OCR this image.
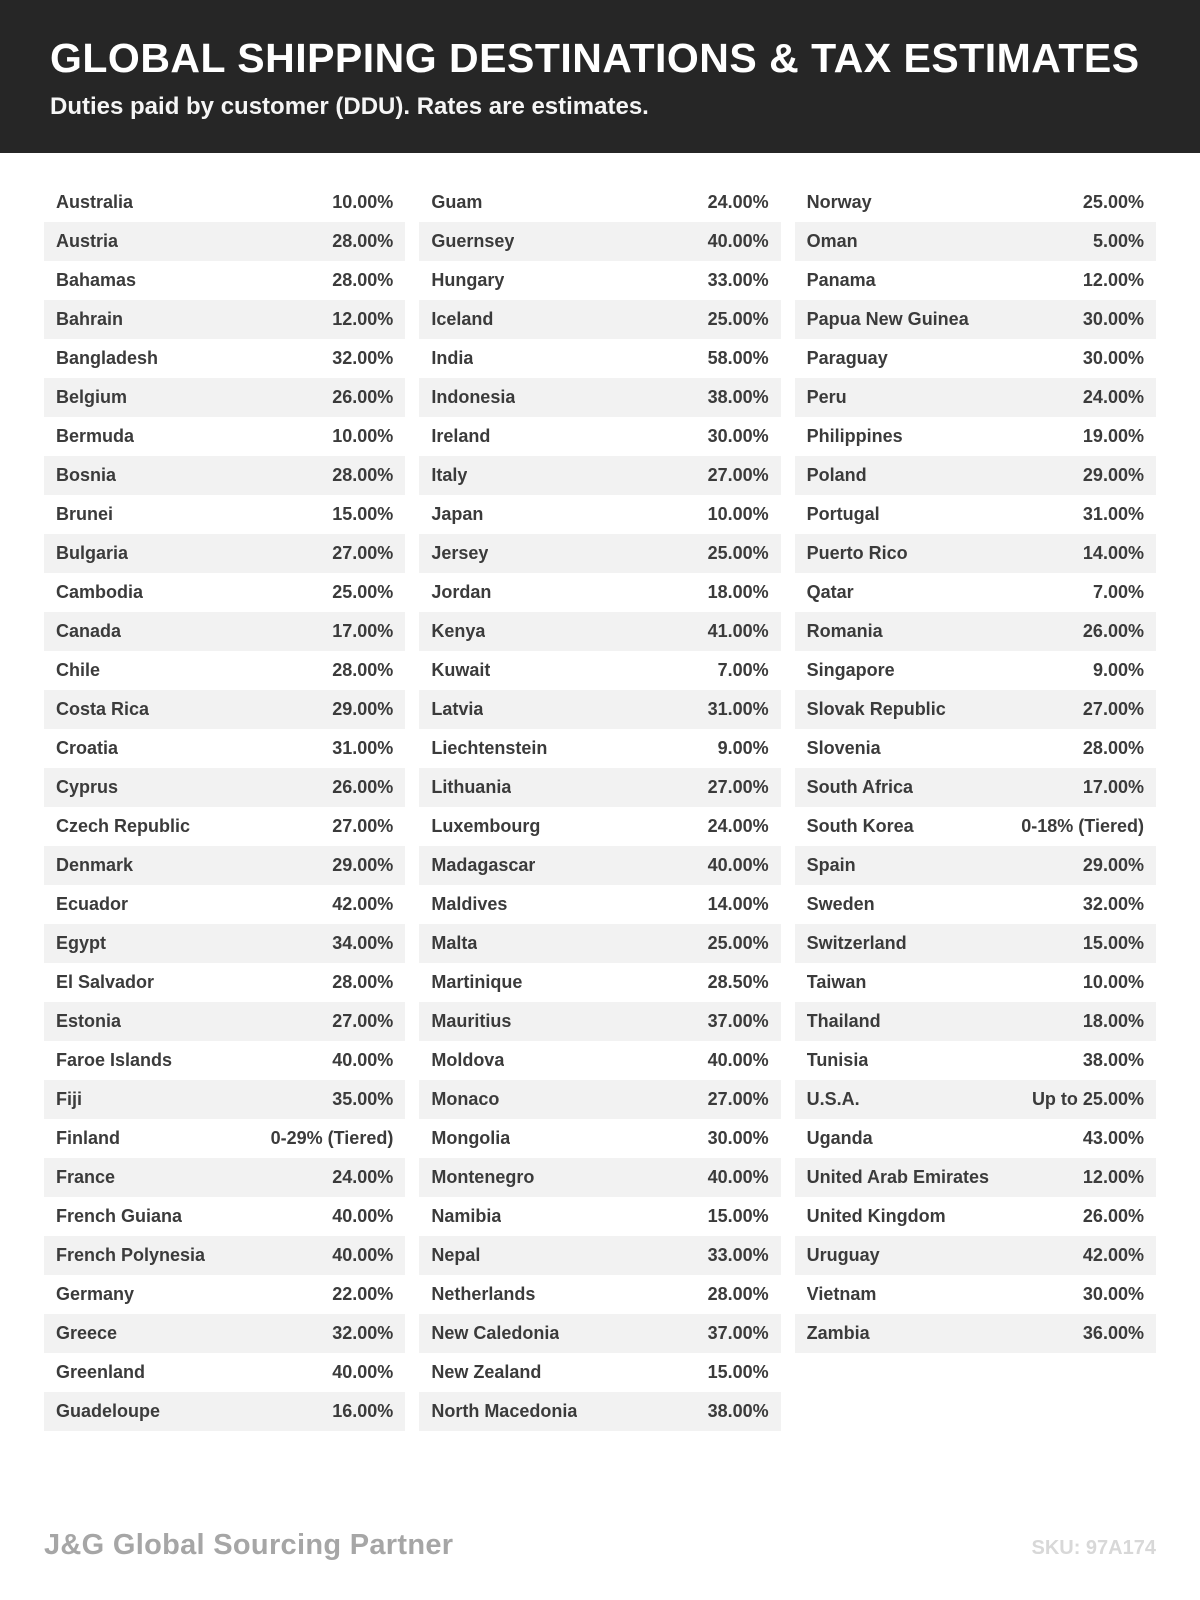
GLOBAL SHIPPING DESTINATIONS & TAX ESTIMATES

Duties paid by customer (DDU). Rates are estimates.

Australia	10.00%
Austria	28.00%
Bahamas	28.00%
Bahrain	12.00%
Bangladesh	32.00%
Belgium	26.00%
Bermuda	10.00%
Bosnia	28.00%
Brunei	15.00%
Bulgaria	27.00%
Cambodia	25.00%
Canada	17.00%
Chile	28.00%
Costa Rica	29.00%
Croatia	31.00%
Cyprus	26.00%
Czech Republic	27.00%
Denmark	29.00%
Ecuador	42.00%
Egypt	34.00%
El Salvador	28.00%
Estonia	27.00%
Faroe Islands	40.00%
Fiji	35.00%
Finland	0-29% (Tiered)
France	24.00%
French Guiana	40.00%
French Polynesia	40.00%
Germany	22.00%
Greece	32.00%
Greenland	40.00%
Guadeloupe	16.00%
Guam	24.00%
Guernsey	40.00%
Hungary	33.00%
Iceland	25.00%
India	58.00%
Indonesia	38.00%
Ireland	30.00%
Italy	27.00%
Japan	10.00%
Jersey	25.00%
Jordan	18.00%
Kenya	41.00%
Kuwait	7.00%
Latvia	31.00%
Liechtenstein	9.00%
Lithuania	27.00%
Luxembourg	24.00%
Madagascar	40.00%
Maldives	14.00%
Malta	25.00%
Martinique	28.50%
Mauritius	37.00%
Moldova	40.00%
Monaco	27.00%
Mongolia	30.00%
Montenegro	40.00%
Namibia	15.00%
Nepal	33.00%
Netherlands	28.00%
New Caledonia	37.00%
New Zealand	15.00%
North Macedonia	38.00%
Norway	25.00%
Oman	5.00%
Panama	12.00%
Papua New Guinea	30.00%
Paraguay	30.00%
Peru	24.00%
Philippines	19.00%
Poland	29.00%
Portugal	31.00%
Puerto Rico	14.00%
Qatar	7.00%
Romania	26.00%
Singapore	9.00%
Slovak Republic	27.00%
Slovenia	28.00%
South Africa	17.00%
South Korea	0-18% (Tiered)
Spain	29.00%
Sweden	32.00%
Switzerland	15.00%
Taiwan	10.00%
Thailand	18.00%
Tunisia	38.00%
U.S.A.	Up to 25.00%
Uganda	43.00%
United Arab Emirates	12.00%
United Kingdom	26.00%
Uruguay	42.00%
Vietnam	30.00%
Zambia	36.00%
J&G Global Sourcing Partner	SKU: 97A174
